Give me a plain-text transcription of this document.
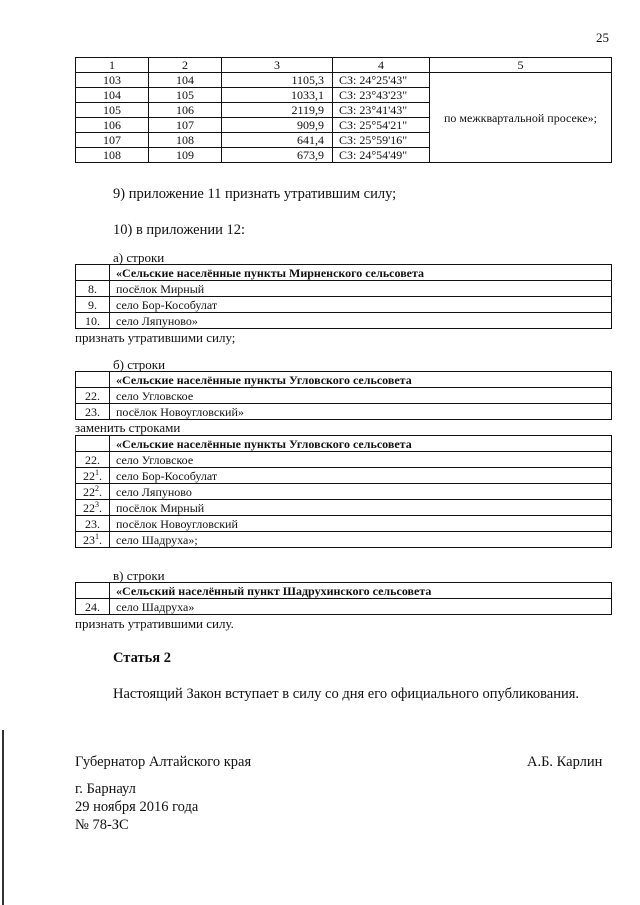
25
1	2	3	4	5
103	104	1105,3	СЗ: 24°25'43"	по межквартальной просеке»;
104	105	1033,1	СЗ: 23°43'23"	
105	106	2119,9	СЗ: 23°41'43"	
106	107	909,9	СЗ: 25°54'21"	
107	108	641,4	СЗ: 25°59'16"	
108	109	673,9	СЗ: 24°54'49"	
9) приложение 11 признать утратившим силу;
10) в приложении 12:
а) строки
	«Сельские населённые пункты Мирненского сельсовета
8.	посёлок Мирный
9.	село Бор-Кособулат
10.	село Ляпуново»
признать утратившими силу;
б) строки
	«Сельские населённые пункты Угловского сельсовета
22.	село Угловское
23.	посёлок Новоугловский»
заменить строками
	«Сельские населённые пункты Угловского сельсовета
22.	село Угловское
$22^1$.	село Бор-Кособулат
$22^2$.	село Ляпуново
$22^3$.	посёлок Мирный
23.	посёлок Новоугловский
$23^1$.	село Шадруха»;
в) строки
	«Сельский населённый пункт Шадрухинского сельсовета
24.	село Шадруха»
признать утратившими силу.
Статья 2
Настоящий Закон вступает в силу со дня его официального опубликования.
Губернатор Алтайского края	А.Б. Карлин
г. Барнаул
29 ноября 2016 года
№ 78-ЗС
